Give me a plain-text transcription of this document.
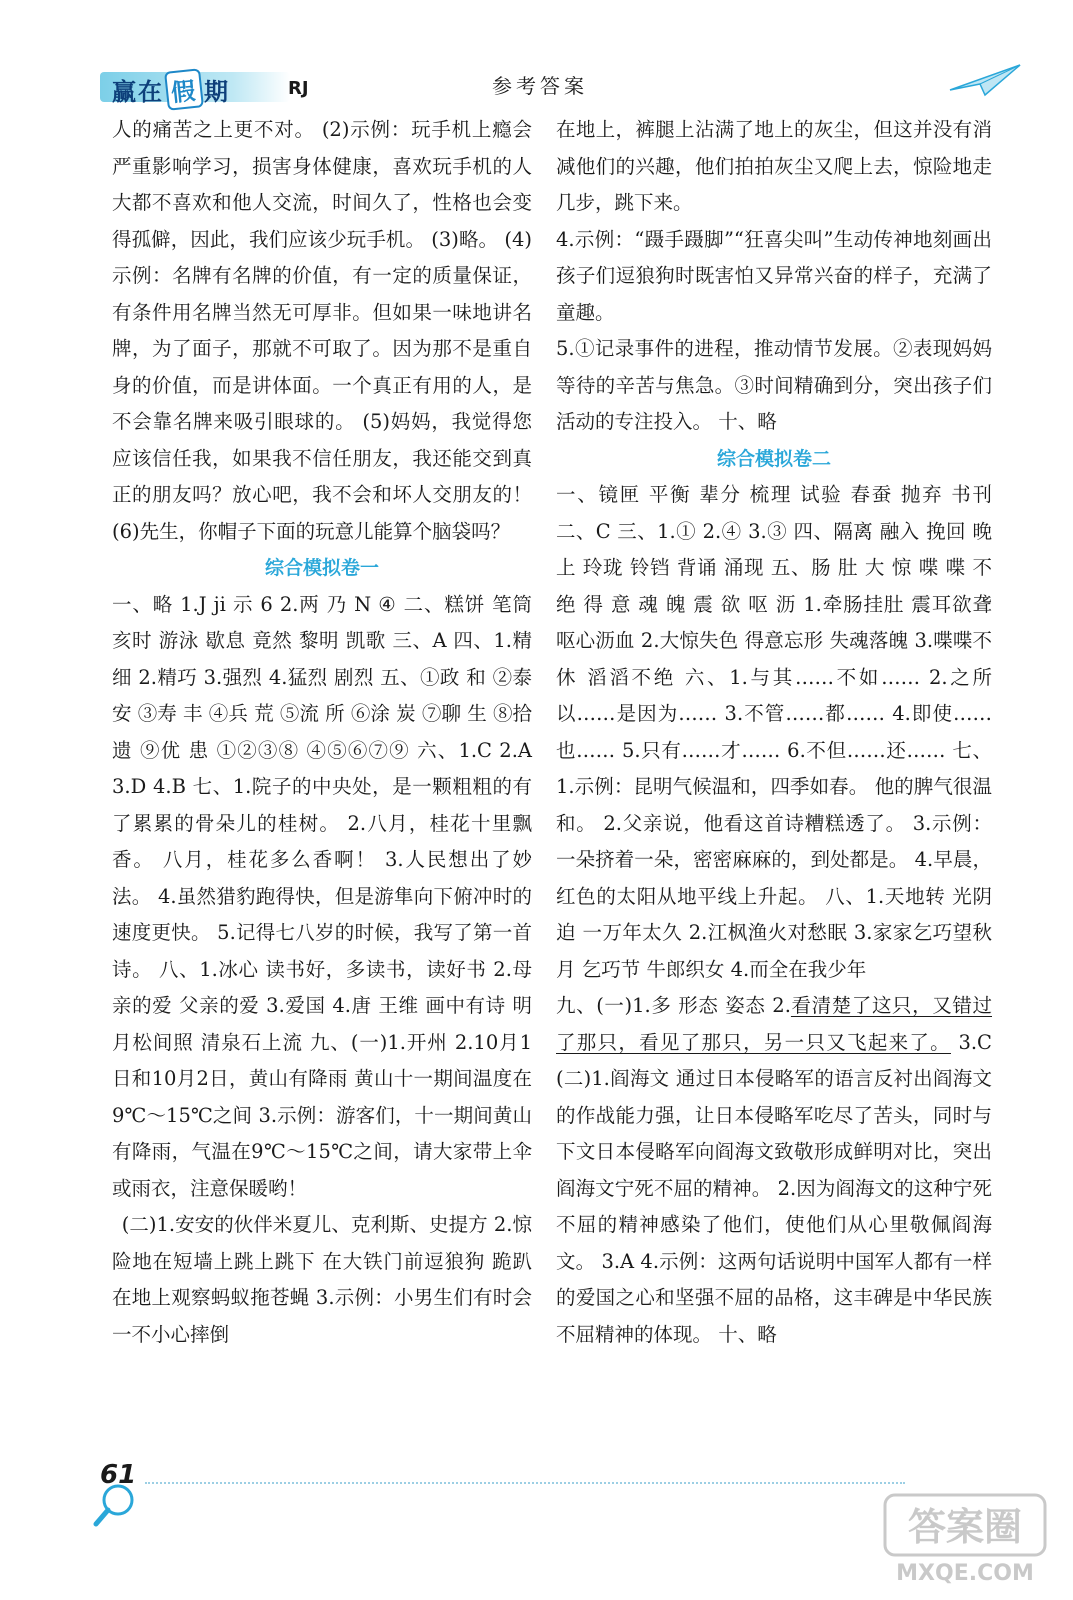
赢在 假 期	RJ	参考答案

人的痛苦之上更不对。 (2)示例：玩手机上瘾会严重影响学习，损害身体健康，喜欢玩手机的人大都不喜欢和他人交流，时间久了，性格也会变得孤僻，因此，我们应该少玩手机。 (3)略。 (4)示例：名牌有名牌的价值，有一定的质量保证，有条件用名牌当然无可厚非。但如果一味地讲名牌，为了面子，那就不可取了。因为那不是重自身的价值，而是讲体面。一个真正有用的人，是不会靠名牌来吸引眼球的。 (5)妈妈，我觉得您应该信任我，如果我不信任朋友，我还能交到真正的朋友吗？放心吧，我不会和坏人交朋友的！ (6)先生，你帽子下面的玩意儿能算个脑袋吗？

综合模拟卷一

一、略 1.J ji 示 6 2.两 乃 N ④ 二、糕饼 笔筒 亥时 游泳 歇息 竟然 黎明 凯歌 三、A 四、1.精细 2.精巧 3.强烈 4.猛烈 剧烈 五、①政 和 ②泰 安 ③寿 丰 ④兵 荒 ⑤流 所 ⑥涂 炭 ⑦聊 生 ⑧拾 遗 ⑨优 患 ①②③⑧ ④⑤⑥⑦⑨ 六、1.C 2.A 3.D 4.B 七、1.院子的中央处，是一颗粗粗的有了累累的骨朵儿的桂树。 2.八月，桂花十里飘香。 八月，桂花多么香啊！ 3.人民想出了妙法。 4.虽然猎豹跑得快，但是游隼向下俯冲时的速度更快。 5.记得七八岁的时候，我写了第一首诗。 八、1.冰心 读书好，多读书，读好书 2.母亲的爱 父亲的爱 3.爱国 4.唐 王维 画中有诗 明月松间照 清泉石上流 九、(一)1.开州 2.10月1日和10月2日，黄山有降雨 黄山十一期间温度在9℃～15℃之间 3.示例：游客们，十一期间黄山有降雨，气温在9℃～15℃之间，请大家带上伞或雨衣，注意保暖哟！

(二)1.安安的伙伴米夏儿、克利斯、史提方 2.惊险地在短墙上跳上跳下 在大铁门前逗狼狗 跪趴在地上观察蚂蚁拖苍蝇 3.示例：小男生们有时会一不小心摔倒

在地上，裤腿上沾满了地上的灰尘，但这并没有消减他们的兴趣，他们拍拍灰尘又爬上去，惊险地走几步，跳下来。

4.示例：“蹑手蹑脚”“狂喜尖叫”生动传神地刻画出孩子们逗狼狗时既害怕又异常兴奋的样子，充满了童趣。

5.①记录事件的进程，推动情节发展。②表现妈妈等待的辛苦与焦急。③时间精确到分，突出孩子们活动的专注投入。 十、略

综合模拟卷二

一、镜匣 平衡 辈分 梳理 试验 春蚕 抛弃 书刊 二、C 三、1.① 2.④ 3.③ 四、隔离 融入 挽回 晚上 玲珑 铃铛 背诵 涌现 五、肠 肚 大 惊 喋 喋 不 绝 得 意 魂 魄 震 欲 呕 沥 1.牵肠挂肚 震耳欲聋 呕心沥血 2.大惊失色 得意忘形 失魂落魄 3.喋喋不休 滔滔不绝 六、1.与其……不如…… 2.之所以……是因为…… 3.不管……都…… 4.即使……也…… 5.只有……才…… 6.不但……还…… 七、1.示例：昆明气候温和，四季如春。 他的脾气很温和。 2.父亲说，他看这首诗糟糕透了。 3.示例：一朵挤着一朵，密密麻麻的，到处都是。 4.早晨，红色的太阳从地平线上升起。 八、1.天地转 光阴迫 一万年太久 2.江枫渔火对愁眠 3.家家乞巧望秋月 乞巧节 牛郎织女 4.而全在我少年

九、(一)1.多 形态 姿态 2.看清楚了这只，又错过了那只，看见了那只，另一只又飞起来了。 3.C (二)1.阎海文 通过日本侵略军的语言反衬出阎海文的作战能力强，让日本侵略军吃尽了苦头，同时与下文日本侵略军向阎海文致敬形成鲜明对比，突出阎海文宁死不屈的精神。 2.因为阎海文的这种宁死不屈的精神感染了他们，使他们从心里敬佩阎海文。 3.A 4.示例：这两句话说明中国军人都有一样的爱国之心和坚强不屈的品格，这丰碑是中华民族不屈精神的体现。 十、略

61
答案圈
MXQE.COM
